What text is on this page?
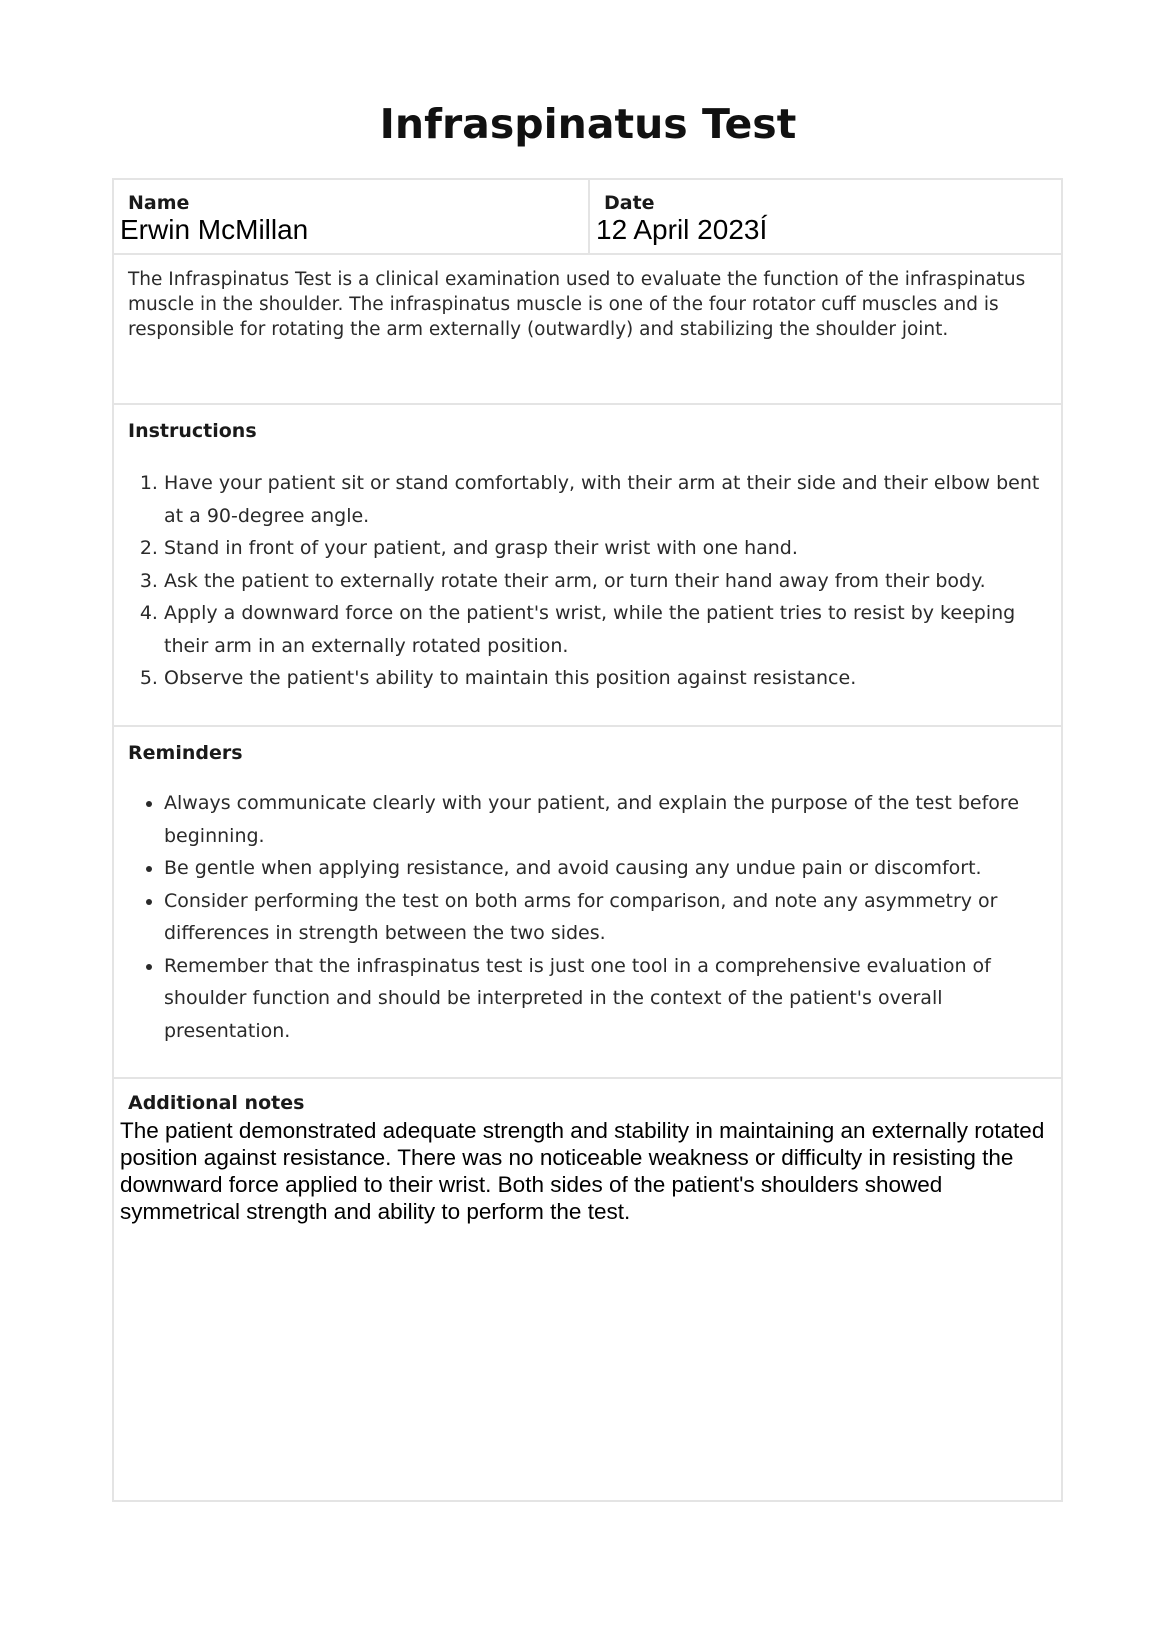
Infraspinatus Test
Name
Erwin McMillan
Date
12 April 2023Í

The Infraspinatus Test is a clinical examination used to evaluate the function of the infraspinatus muscle in the shoulder. The infraspinatus muscle is one of the four rotator cuff muscles and is responsible for rotating the arm externally (outwardly) and stabilizing the shoulder joint.

Instructions
1. Have your patient sit or stand comfortably, with their arm at their side and their elbow bent at a 90-degree angle.
2. Stand in front of your patient, and grasp their wrist with one hand.
3. Ask the patient to externally rotate their arm, or turn their hand away from their body.
4. Apply a downward force on the patient's wrist, while the patient tries to resist by keeping their arm in an externally rotated position.
5. Observe the patient's ability to maintain this position against resistance.
Reminders
• Always communicate clearly with your patient, and explain the purpose of the test before beginning.
• Be gentle when applying resistance, and avoid causing any undue pain or discomfort.
• Consider performing the test on both arms for comparison, and note any asymmetry or differences in strength between the two sides.
• Remember that the infraspinatus test is just one tool in a comprehensive evaluation of shoulder function and should be interpreted in the context of the patient's overall presentation.
Additional notes

The patient demonstrated adequate strength and stability in maintaining an externally rotated position against resistance. There was no noticeable weakness or difficulty in resisting the downward force applied to their wrist. Both sides of the patient's shoulders showed symmetrical strength and ability to perform the test.
